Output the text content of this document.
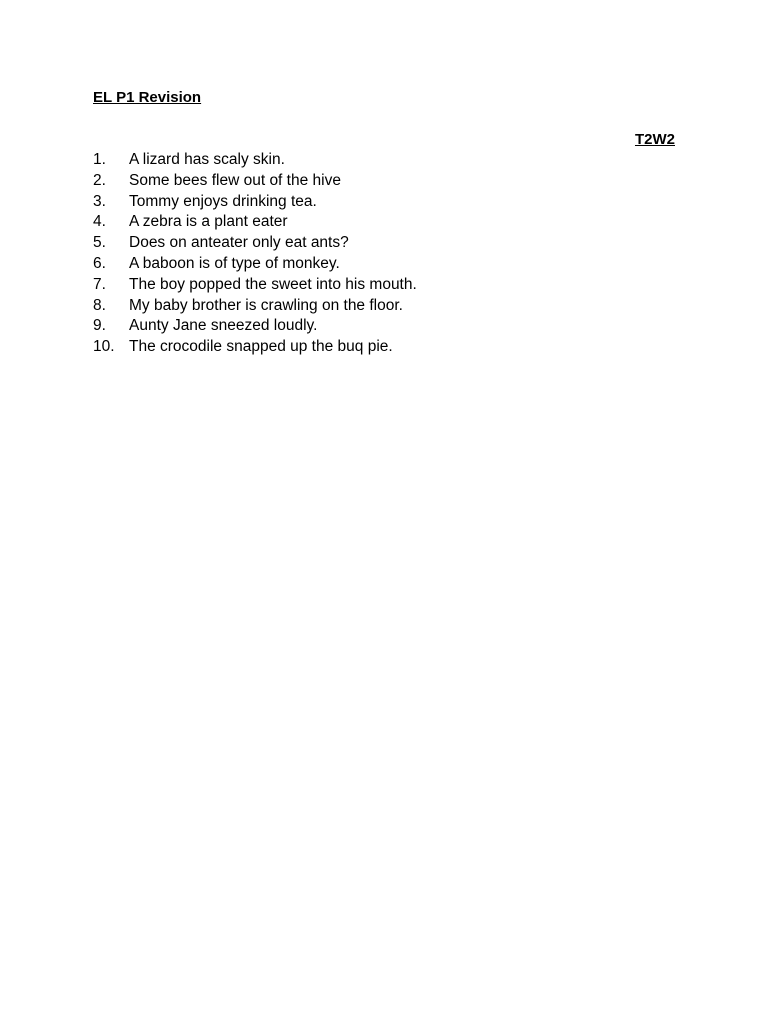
EL P1 Revision
T2W2
1.	A lizard has scaly skin.
2.	Some bees flew out of the hive
3.	Tommy enjoys drinking tea.
4.	A zebra is a plant eater
5.	Does on anteater only eat ants?
6.	A baboon is of type of monkey.
7.	The boy popped the sweet into his mouth.
8.	My baby brother is crawling on the floor.
9.	Aunty Jane sneezed loudly.
10. The crocodile snapped up the buq pie.
